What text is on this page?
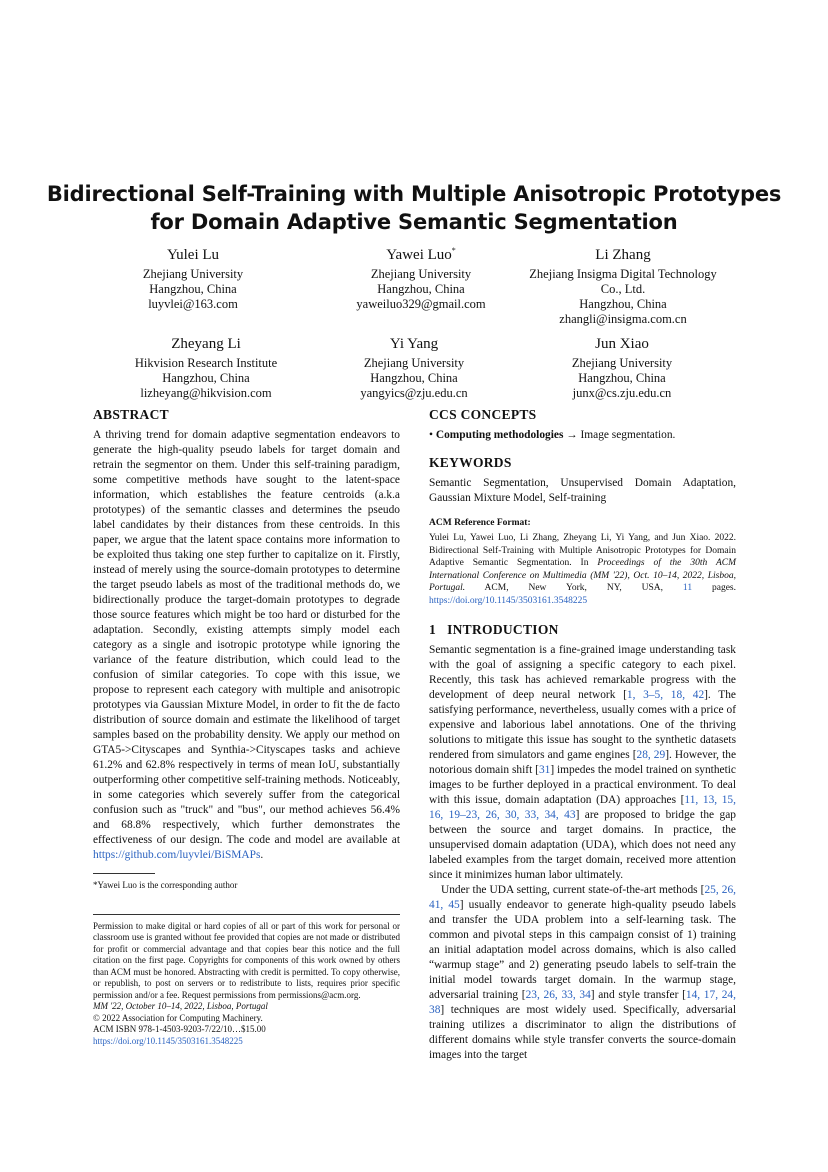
Bidirectional Self-Training with Multiple Anisotropic Prototypes
for Domain Adaptive Semantic Segmentation
Yulei Lu
Zhejiang University
Hangzhou, China
luyvlei@163.com
Yawei Luo*
Zhejiang University
Hangzhou, China
yaweiluo329@gmail.com
Li Zhang
Zhejiang Insigma Digital Technology
Co., Ltd.
Hangzhou, China
zhangli@insigma.com.cn
Zheyang Li
Hikvision Research Institute
Hangzhou, China
lizheyang@hikvision.com
Yi Yang
Zhejiang University
Hangzhou, China
yangyics@zju.edu.cn
Jun Xiao
Zhejiang University
Hangzhou, China
junx@cs.zju.edu.cn
ABSTRACT

A thriving trend for domain adaptive segmentation endeavors to generate the high-quality pseudo labels for target domain and retrain the segmentor on them. Under this self-training paradigm, some competitive methods have sought to the latent-space information, which establishes the feature centroids (a.k.a prototypes) of the semantic classes and determines the pseudo label candidates by their distances from these centroids. In this paper, we argue that the latent space contains more information to be exploited thus taking one step further to capitalize on it. Firstly, instead of merely using the source-domain prototypes to determine the target pseudo labels as most of the traditional methods do, we bidirectionally produce the target-domain prototypes to degrade those source features which might be too hard or disturbed for the adaptation. Secondly, existing attempts simply model each category as a single and isotropic prototype while ignoring the variance of the feature distribution, which could lead to the confusion of similar categories. To cope with this issue, we propose to represent each category with multiple and anisotropic prototypes via Gaussian Mixture Model, in order to fit the de facto distribution of source domain and estimate the likelihood of target samples based on the probability density. We apply our method on GTA5->Cityscapes and Synthia->Cityscapes tasks and achieve 61.2% and 62.8% respectively in terms of mean IoU, substantially outperforming other competitive self-training methods. Noticeably, in some categories which severely suffer from the categorical confusion such as "truck" and "bus", our method achieves 56.4% and 68.8% respectively, which further demonstrates the effectiveness of our design. The code and model are available at https://github.com/luyvlei/BiSMAPs.

*Yawei Luo is the corresponding author

Permission to make digital or hard copies of all or part of this work for personal or classroom use is granted without fee provided that copies are not made or distributed for profit or commercial advantage and that copies bear this notice and the full citation on the first page. Copyrights for components of this work owned by others than ACM must be honored. Abstracting with credit is permitted. To copy otherwise, or republish, to post on servers or to redistribute to lists, requires prior specific permission and/or a fee. Request permissions from permissions@acm.org.

MM '22, October 10–14, 2022, Lisboa, Portugal

© 2022 Association for Computing Machinery.

ACM ISBN 978-1-4503-9203-7/22/10…$15.00

https://doi.org/10.1145/3503161.3548225

CCS CONCEPTS

• Computing methodologies → Image segmentation.

KEYWORDS

Semantic Segmentation, Unsupervised Domain Adaptation, Gaussian Mixture Model, Self-training

ACM Reference Format:

Yulei Lu, Yawei Luo, Li Zhang, Zheyang Li, Yi Yang, and Jun Xiao. 2022. Bidirectional Self-Training with Multiple Anisotropic Prototypes for Domain Adaptive Semantic Segmentation. In Proceedings of the 30th ACM International Conference on Multimedia (MM '22), Oct. 10–14, 2022, Lisboa, Portugal. ACM, New York, NY, USA, 11 pages. https://doi.org/10.1145/3503161.3548225

1   INTRODUCTION

Semantic segmentation is a fine-grained image understanding task with the goal of assigning a specific category to each pixel. Recently, this task has achieved remarkable progress with the development of deep neural network [1, 3–5, 18, 42]. The satisfying performance, nevertheless, usually comes with a price of expensive and laborious label annotations. One of the thriving solutions to mitigate this issue has sought to the synthetic datasets rendered from simulators and game engines [28, 29]. However, the notorious domain shift [31] impedes the model trained on synthetic images to be further deployed in a practical environment. To deal with this issue, domain adaptation (DA) approaches [11, 13, 15, 16, 19–23, 26, 30, 33, 34, 43] are proposed to bridge the gap between the source and target domains. In practice, the unsupervised domain adaptation (UDA), which does not need any labeled examples from the target domain, received more attention since it minimizes human labor ultimately.

Under the UDA setting, current state-of-the-art methods [25, 26, 41, 45] usually endeavor to generate high-quality pseudo labels and transfer the UDA problem into a self-learning task. The common and pivotal steps in this campaign consist of 1) training an initial adaptation model across domains, which is also called “warmup stage” and 2) generating pseudo labels to self-train the initial model towards target domain. In the warmup stage, adversarial training [23, 26, 33, 34] and style transfer [14, 17, 24, 38] techniques are most widely used. Specifically, adversarial training utilizes a discriminator to align the distributions of different domains while style transfer converts the source-domain images into the target
